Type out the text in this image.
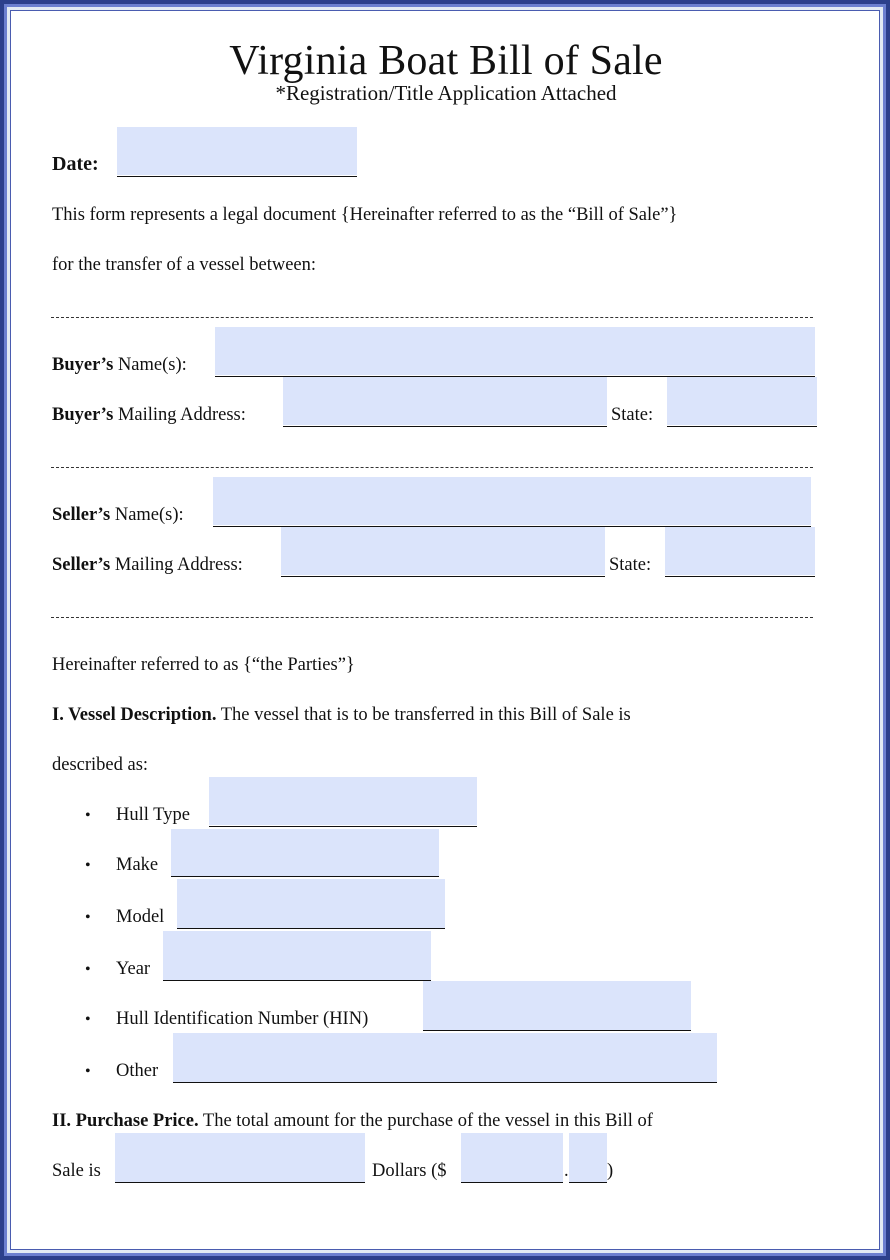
Virginia Boat Bill of Sale
*Registration/Title Application Attached
Date:
This form represents a legal document {Hereinafter referred to as the “Bill of Sale”}
for the transfer of a vessel between:
Buyer’s Name(s):
Buyer’s Mailing Address:	State:
Seller’s Name(s):
Seller’s Mailing Address:	State:
Hereinafter referred to as {“the Parties”}
I. Vessel Description. The vessel that is to be transferred in this Bill of Sale is
described as:
• Hull Type
• Make
• Model
• Year
• Hull Identification Number (HIN)
• Other
II. Purchase Price. The total amount for the purchase of the vessel in this Bill of
Sale is	Dollars ($	. )
